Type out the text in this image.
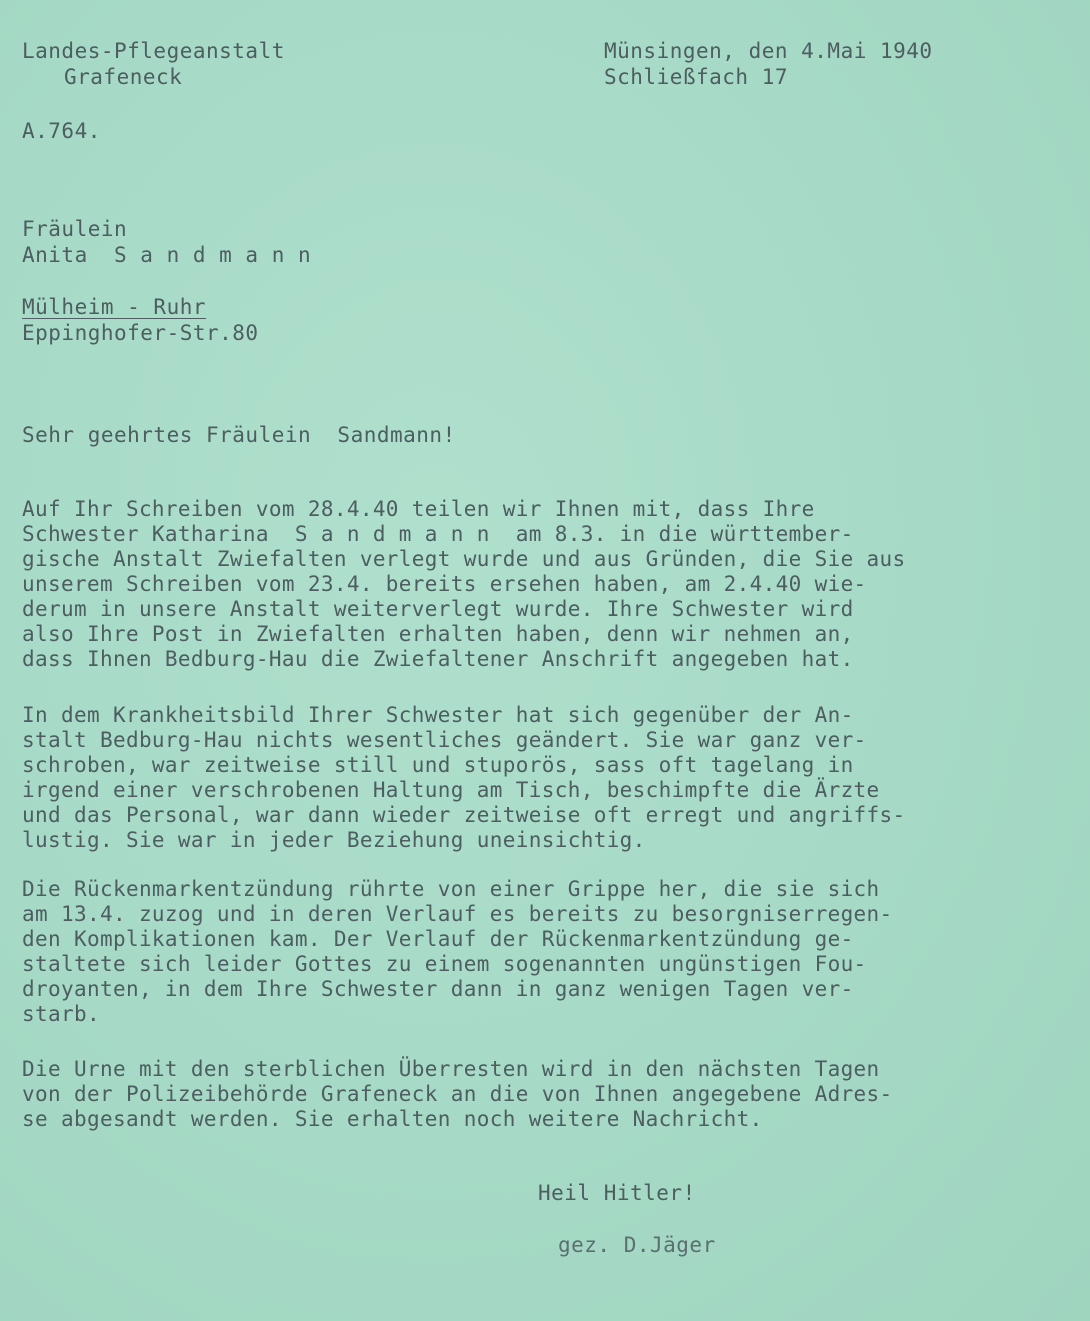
Landes-Pflegeanstalt
Grafeneck
Münsingen, den 4.Mai 1940
Schließfach 17
A.764.
Fräulein
Anita  S a n d m a n n
Mülheim - Ruhr
Eppinghofer-Str.80
Sehr geehrtes Fräulein  Sandmann!
Auf Ihr Schreiben vom 28.4.40 teilen wir Ihnen mit, dass Ihre
Schwester Katharina  S a n d m a n n  am 8.3. in die württember-
gische Anstalt Zwiefalten verlegt wurde und aus Gründen, die Sie aus
unserem Schreiben vom 23.4. bereits ersehen haben, am 2.4.40 wie-
derum in unsere Anstalt weiterverlegt wurde. Ihre Schwester wird
also Ihre Post in Zwiefalten erhalten haben, denn wir nehmen an,
dass Ihnen Bedburg-Hau die Zwiefaltener Anschrift angegeben hat.
In dem Krankheitsbild Ihrer Schwester hat sich gegenüber der An-
stalt Bedburg-Hau nichts wesentliches geändert. Sie war ganz ver-
schroben, war zeitweise still und stuporös, sass oft tagelang in
irgend einer verschrobenen Haltung am Tisch, beschimpfte die Ärzte
und das Personal, war dann wieder zeitweise oft erregt und angriffs-
lustig. Sie war in jeder Beziehung uneinsichtig.
Die Rückenmarkentzündung rührte von einer Grippe her, die sie sich
am 13.4. zuzog und in deren Verlauf es bereits zu besorgniserregen-
den Komplikationen kam. Der Verlauf der Rückenmarkentzündung ge-
staltete sich leider Gottes zu einem sogenannten ungünstigen Fou-
droyanten, in dem Ihre Schwester dann in ganz wenigen Tagen ver-
starb.
Die Urne mit den sterblichen Überresten wird in den nächsten Tagen
von der Polizeibehörde Grafeneck an die von Ihnen angegebene Adres-
se abgesandt werden. Sie erhalten noch weitere Nachricht.
Heil Hitler!
gez. D.Jäger
